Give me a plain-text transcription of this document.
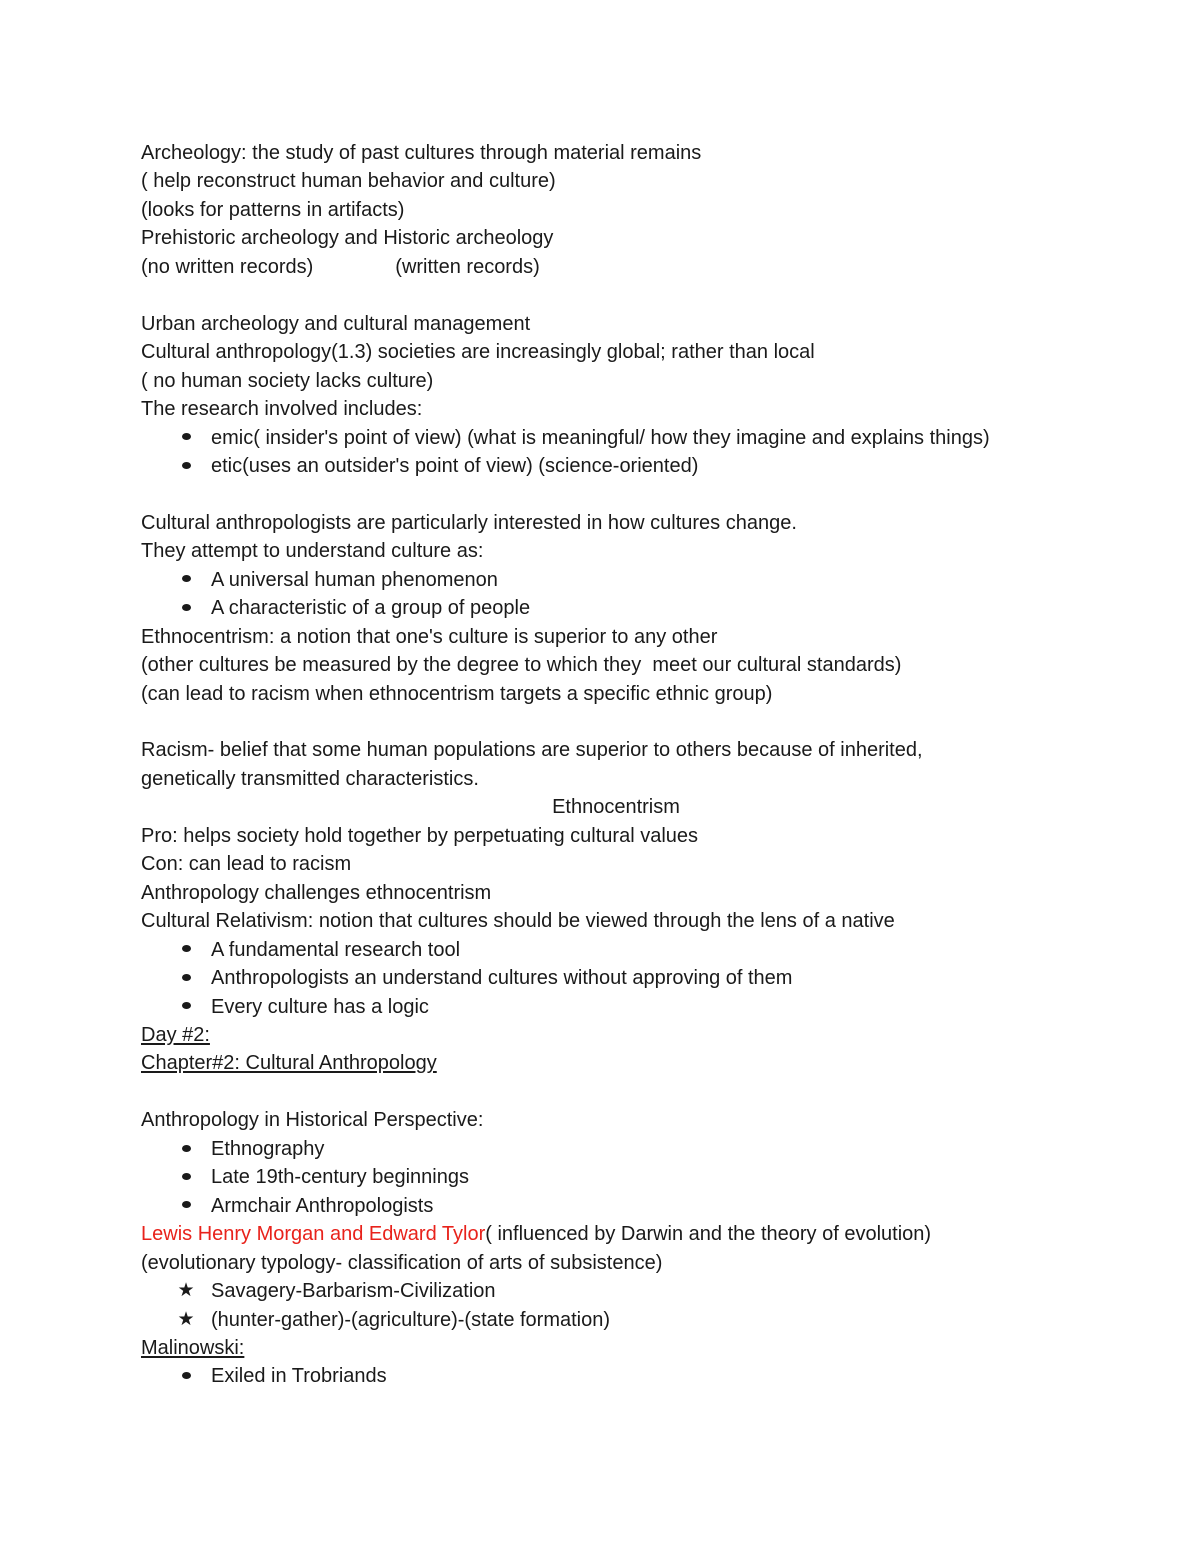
Archeology: the study of past cultures through material remains
( help reconstruct human behavior and culture)
(looks for patterns in artifacts)
Prehistoric archeology and Historic archeology
(no written records)	(written records)
Urban archeology and cultural management
Cultural anthropology(1.3) societies are increasingly global; rather than local
( no human society lacks culture)
The research involved includes:
emic( insider's point of view) (what is meaningful/ how they imagine and explains things)
etic(uses an outsider's point of view) (science-oriented)
Cultural anthropologists are particularly interested in how cultures change.
They attempt to understand culture as:
A universal human phenomenon
A characteristic of a group of people
Ethnocentrism: a notion that one's culture is superior to any other
(other cultures be measured by the degree to which they  meet our cultural standards)
(can lead to racism when ethnocentrism targets a specific ethnic group)
Racism- belief that some human populations are superior to others because of inherited,
genetically transmitted characteristics.
Ethnocentrism
Pro: helps society hold together by perpetuating cultural values
Con: can lead to racism
Anthropology challenges ethnocentrism
Cultural Relativism: notion that cultures should be viewed through the lens of a native
A fundamental research tool
Anthropologists an understand cultures without approving of them
Every culture has a logic
Day #2:
Chapter#2: Cultural Anthropology
Anthropology in Historical Perspective:
Ethnography
Late 19th-century beginnings
Armchair Anthropologists
Lewis Henry Morgan and Edward Tylor( influenced by Darwin and the theory of evolution)
(evolutionary typology- classification of arts of subsistence)
★ Savagery-Barbarism-Civilization
★ (hunter-gather)-(agriculture)-(state formation)
Malinowski:
Exiled in Trobriands
